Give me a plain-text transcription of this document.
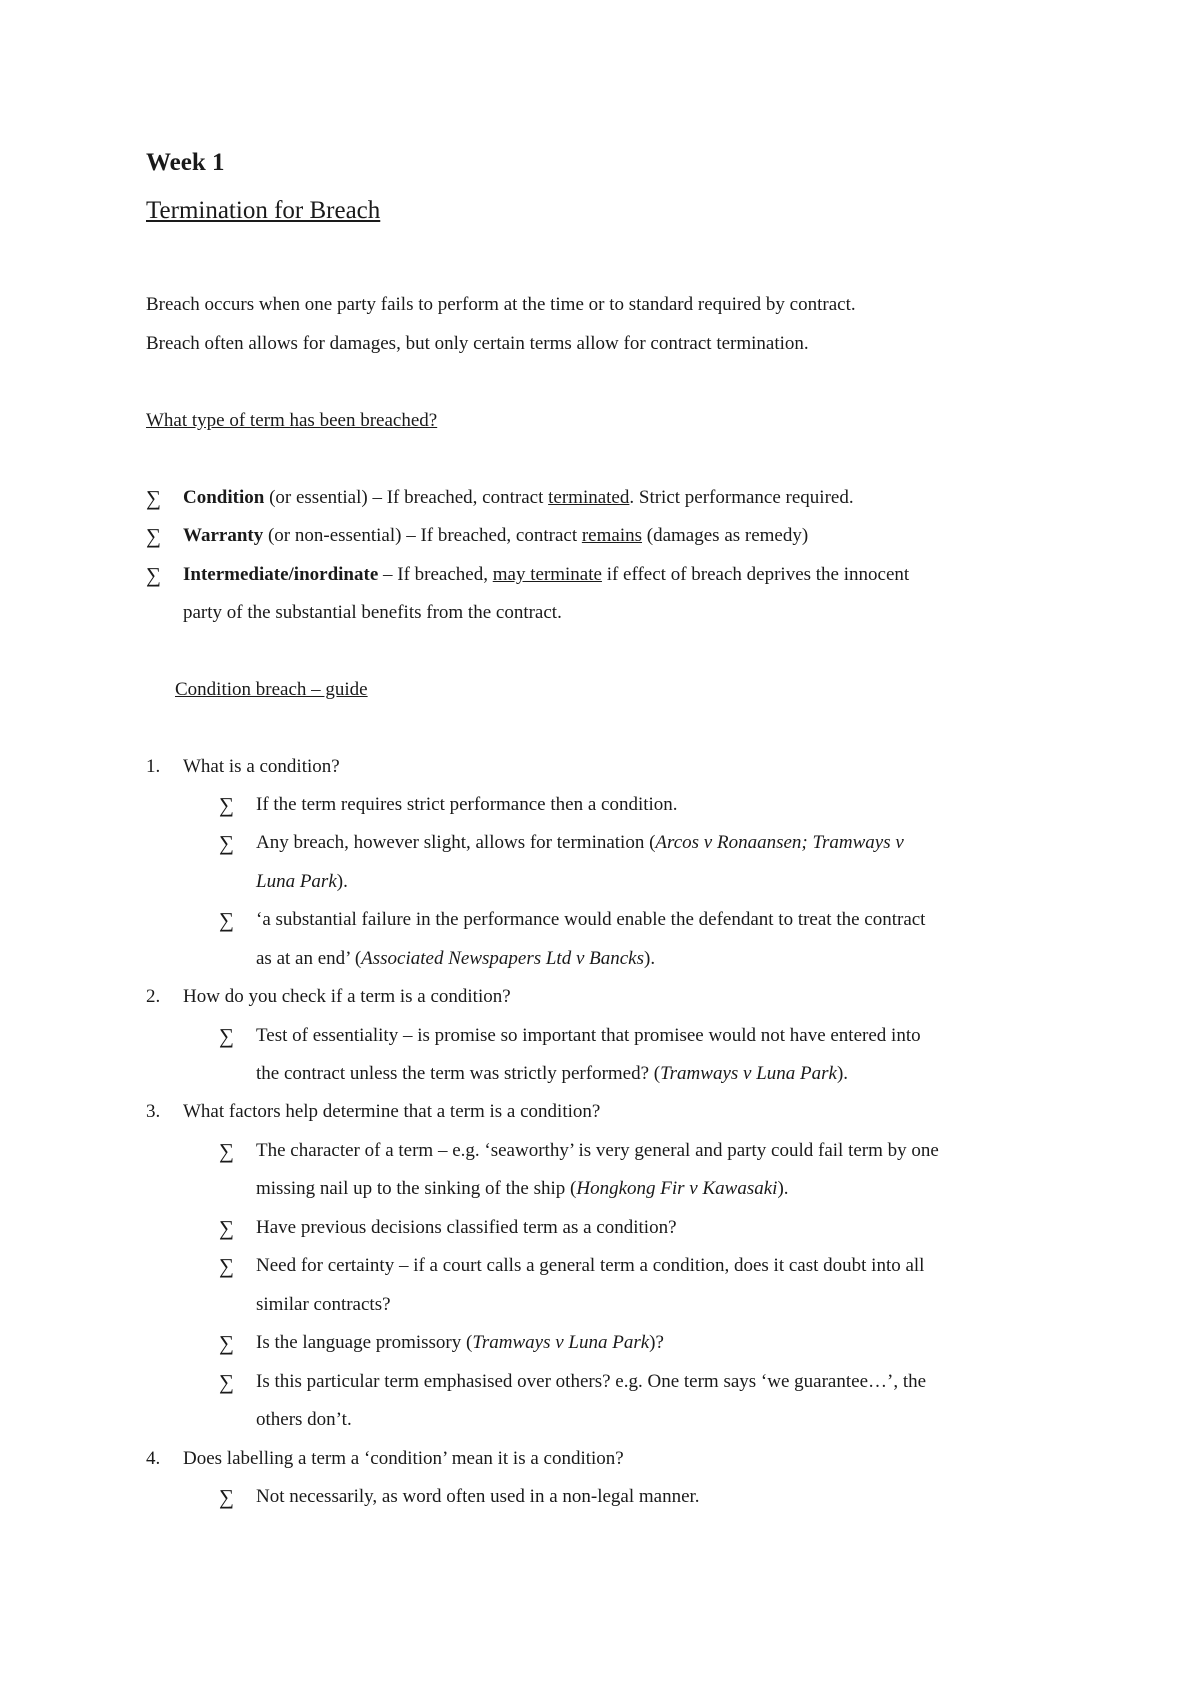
Week 1
Termination for Breach

Breach occurs when one party fails to perform at the time or to standard required by contract.

Breach often allows for damages, but only certain terms allow for contract termination.

What type of term has been breached?

∑ Condition (or essential) – If breached, contract terminated. Strict performance required.
∑ Warranty (or non-essential) – If breached, contract remains (damages as remedy)
∑ Intermediate/inordinate – If breached, may terminate if effect of breach deprives the innocent
party of the substantial benefits from the contract.

Condition breach – guide

1. What is a condition?
∑ If the term requires strict performance then a condition.
∑ Any breach, however slight, allows for termination (Arcos v Ronaansen; Tramways v
Luna Park).
∑ ‘a substantial failure in the performance would enable the defendant to treat the contract
as at an end’ (Associated Newspapers Ltd v Bancks).
2. How do you check if a term is a condition?
∑ Test of essentiality – is promise so important that promisee would not have entered into
the contract unless the term was strictly performed? (Tramways v Luna Park).
3. What factors help determine that a term is a condition?
∑ The character of a term – e.g. ‘seaworthy’ is very general and party could fail term by one
missing nail up to the sinking of the ship (Hongkong Fir v Kawasaki).
∑ Have previous decisions classified term as a condition?
∑ Need for certainty – if a court calls a general term a condition, does it cast doubt into all
similar contracts?
∑ Is the language promissory (Tramways v Luna Park)?
∑ Is this particular term emphasised over others? e.g. One term says ‘we guarantee…’, the
others don’t.
4. Does labelling a term a ‘condition’ mean it is a condition?
∑ Not necessarily, as word often used in a non-legal manner.
